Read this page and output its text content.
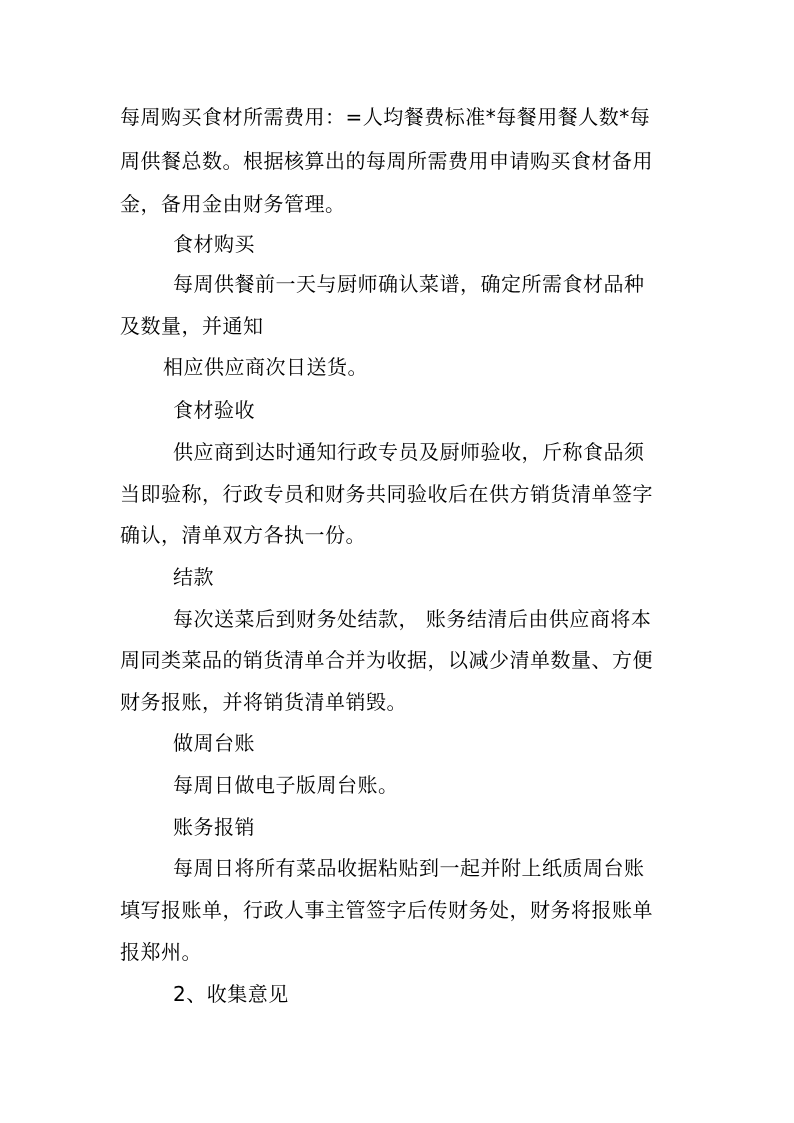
每周购买食材所需费用：=人均餐费标准*每餐用餐人数*每
周供餐总数。根据核算出的每周所需费用申请购买食材备用
金，备用金由财务管理。
食材购买
每周供餐前一天与厨师确认菜谱，确定所需食材品种
及数量，并通知
相应供应商次日送货。
食材验收
供应商到达时通知行政专员及厨师验收，斤称食品须
当即验称，行政专员和财务共同验收后在供方销货清单签字
确认，清单双方各执一份。
结款
每次送菜后到财务处结款， 账务结清后由供应商将本
周同类菜品的销货清单合并为收据，以减少清单数量、方便
财务报账，并将销货清单销毁。
做周台账
每周日做电子版周台账。
账务报销
每周日将所有菜品收据粘贴到一起并附上纸质周台账
填写报账单，行政人事主管签字后传财务处，财务将报账单
报郑州。
2、收集意见
